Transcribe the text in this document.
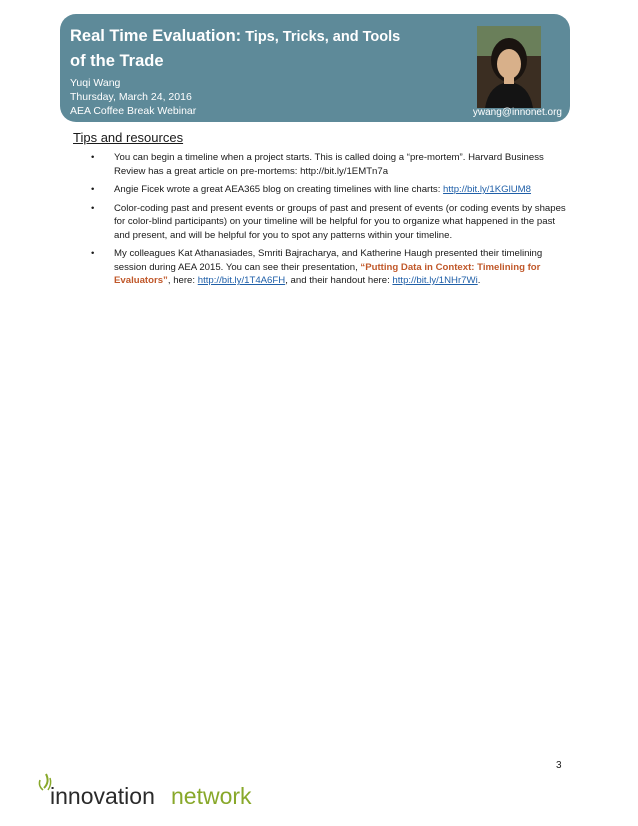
Real Time Evaluation: Tips, Tricks, and Tools
of the Trade
Yuqi Wang
Thursday, March 24, 2016
AEA Coffee Break Webinar	ywang@innonet.org
Tips and resources
• You can begin a timeline when a project starts. This is called doing a “pre-mortem”. Harvard Business Review has a great article on pre-mortems: http://bit.ly/1EMTn7a
• Angie Ficek wrote a great AEA365 blog on creating timelines with line charts: http://bit.ly/1KGlUM8
• Color-coding past and present events or groups of past and present of events (or coding events by shapes for color-blind participants) on your timeline will be helpful for you to organize what happened in the past and present, and will be helpful for you to spot any patterns within your timeline.
• My colleagues Kat Athanasiades, Smriti Bajracharya, and Katherine Haugh presented their timelining session during AEA 2015. You can see their presentation, “Putting Data in Context: Timelining for Evaluators”, here: http://bit.ly/1T4A6FH, and their handout here: http://bit.ly/1NHr7Wi.
3
innovation network
